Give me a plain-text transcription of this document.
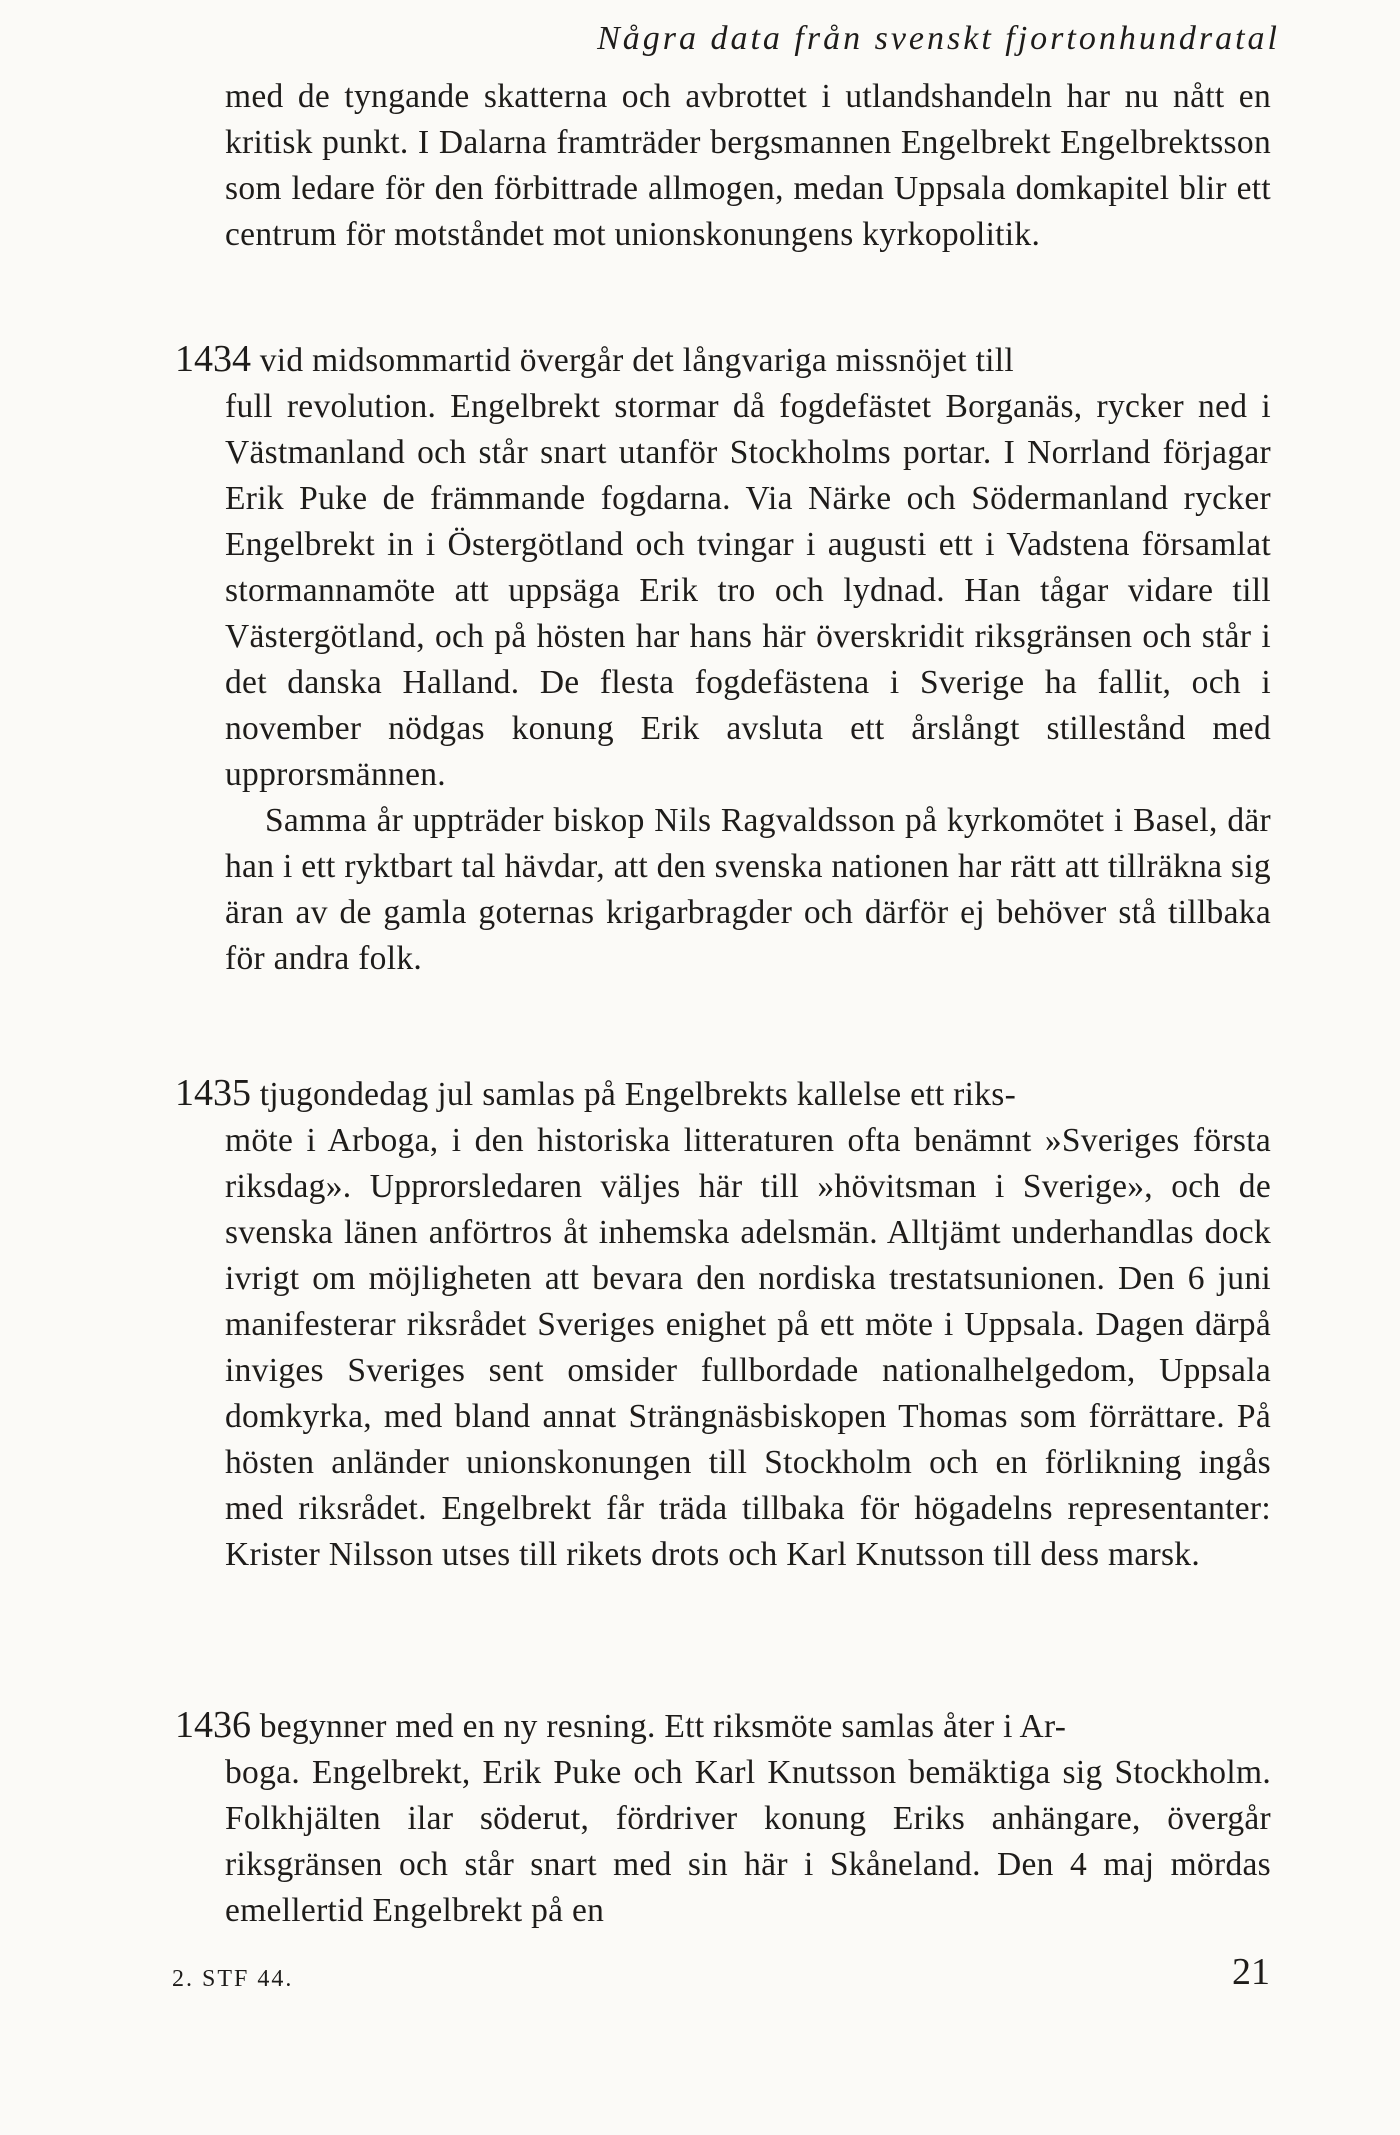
Några data från svenskt fjortonhundratal
med de tyngande skatterna och avbrottet i utlandshandeln har nu nått en kritisk punkt. I Dalarna framträder bergsmannen Engelbrekt Engelbrektsson som ledare för den förbittrade allmogen, medan Uppsala domkapitel blir ett centrum för motståndet mot unionskonungens kyrkopolitik.
1434 vid midsommartid övergår det långvariga missnöjet till
full revolution. Engelbrekt stormar då fogdefästet Borganäs, rycker ned i Västmanland och står snart utanför Stockholms portar. I Norrland förjagar Erik Puke de främmande fogdarna. Via Närke och Södermanland rycker Engelbrekt in i Östergötland och tvingar i augusti ett i Vadstena församlat stormannamöte att uppsäga Erik tro och lydnad. Han tågar vidare till Västergötland, och på hösten har hans här överskridit riksgränsen och står i det danska Halland. De flesta fogdefästena i Sverige ha fallit, och i november nödgas konung Erik avsluta ett årslångt stillestånd med upprorsmännen.
Samma år uppträder biskop Nils Ragvaldsson på kyrkomötet i Basel, där han i ett ryktbart tal hävdar, att den svenska nationen har rätt att tillräkna sig äran av de gamla goternas krigarbragder och därför ej behöver stå tillbaka för andra folk.
1435 tjugondedag jul samlas på Engelbrekts kallelse ett riks-
möte i Arboga, i den historiska litteraturen ofta benämnt »Sveriges första riksdag». Upprorsledaren väljes här till »hövitsman i Sverige», och de svenska länen anförtros åt inhemska adelsmän. Alltjämt underhandlas dock ivrigt om möjligheten att bevara den nordiska trestatsunionen. Den 6 juni manifesterar riksrådet Sveriges enighet på ett möte i Uppsala. Dagen därpå inviges Sveriges sent omsider fullbordade nationalhelgedom, Uppsala domkyrka, med bland annat Strängnäsbiskopen Thomas som förrättare. På hösten anländer unionskonungen till Stockholm och en förlikning ingås med riksrådet. Engelbrekt får träda tillbaka för högadelns representanter: Krister Nilsson utses till rikets drots och Karl Knutsson till dess marsk.
1436 begynner med en ny resning. Ett riksmöte samlas åter i Ar-
boga. Engelbrekt, Erik Puke och Karl Knutsson bemäktiga sig Stockholm. Folkhjälten ilar söderut, fördriver konung Eriks anhängare, övergår riksgränsen och står snart med sin här i Skåneland. Den 4 maj mördas emellertid Engelbrekt på en
2. STF 44.	21
